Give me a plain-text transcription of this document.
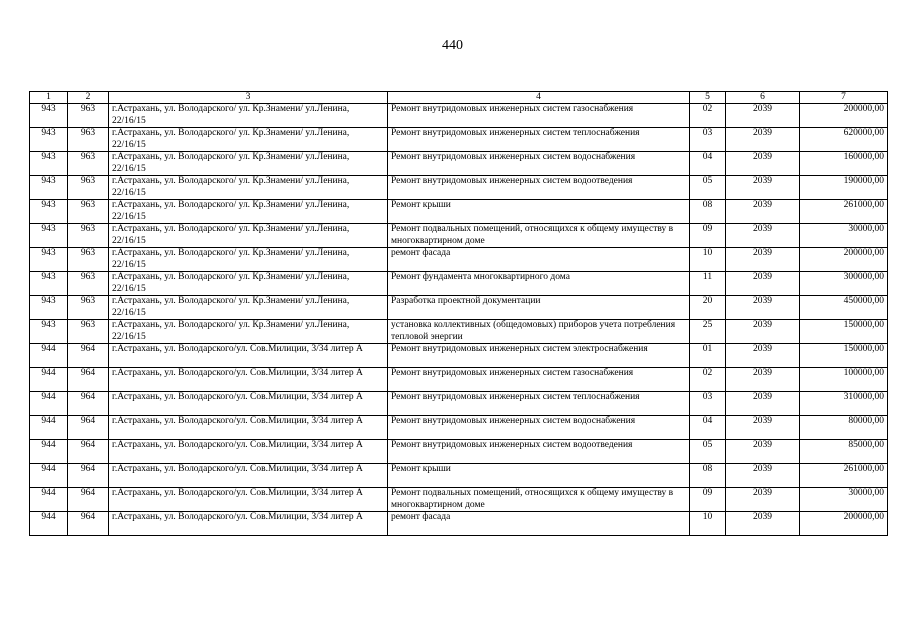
440
1	2	3	4	5	6	7
943	963	г.Астрахань, ул. Володарского/ ул. Кр.Знамени/ ул.Ленина, 22/16/15	Ремонт внутридомовых инженерных систем газоснабжения	02	2039	200000,00
943	963	г.Астрахань, ул. Володарского/ ул. Кр.Знамени/ ул.Ленина, 22/16/15	Ремонт внутридомовых инженерных систем теплоснабжения	03	2039	620000,00
943	963	г.Астрахань, ул. Володарского/ ул. Кр.Знамени/ ул.Ленина, 22/16/15	Ремонт внутридомовых инженерных систем водоснабжения	04	2039	160000,00
943	963	г.Астрахань, ул. Володарского/ ул. Кр.Знамени/ ул.Ленина, 22/16/15	Ремонт внутридомовых инженерных систем водоотведения	05	2039	190000,00
943	963	г.Астрахань, ул. Володарского/ ул. Кр.Знамени/ ул.Ленина, 22/16/15	Ремонт крыши	08	2039	261000,00
943	963	г.Астрахань, ул. Володарского/ ул. Кр.Знамени/ ул.Ленина, 22/16/15	Ремонт подвальных помещений, относящихся к общему имуществу в многоквартирном доме	09	2039	30000,00
943	963	г.Астрахань, ул. Володарского/ ул. Кр.Знамени/ ул.Ленина, 22/16/15	ремонт фасада	10	2039	200000,00
943	963	г.Астрахань, ул. Володарского/ ул. Кр.Знамени/ ул.Ленина, 22/16/15	Ремонт фундамента многоквартирного дома	11	2039	300000,00
943	963	г.Астрахань, ул. Володарского/ ул. Кр.Знамени/ ул.Ленина, 22/16/15	Разработка проектной документации	20	2039	450000,00
943	963	г.Астрахань, ул. Володарского/ ул. Кр.Знамени/ ул.Ленина, 22/16/15	установка коллективных (общедомовых) приборов учета потребления тепловой энергии	25	2039	150000,00
944	964	г.Астрахань, ул. Володарского/ул. Сов.Милиции, 3/34 литер А	Ремонт внутридомовых инженерных систем электроснабжения	01	2039	150000,00
944	964	г.Астрахань, ул. Володарского/ул. Сов.Милиции, 3/34 литер А	Ремонт внутридомовых инженерных систем газоснабжения	02	2039	100000,00
944	964	г.Астрахань, ул. Володарского/ул. Сов.Милиции, 3/34 литер А	Ремонт внутридомовых инженерных систем теплоснабжения	03	2039	310000,00
944	964	г.Астрахань, ул. Володарского/ул. Сов.Милиции, 3/34 литер А	Ремонт внутридомовых инженерных систем водоснабжения	04	2039	80000,00
944	964	г.Астрахань, ул. Володарского/ул. Сов.Милиции, 3/34 литер А	Ремонт внутридомовых инженерных систем водоотведения	05	2039	85000,00
944	964	г.Астрахань, ул. Володарского/ул. Сов.Милиции, 3/34 литер А	Ремонт крыши	08	2039	261000,00
944	964	г.Астрахань, ул. Володарского/ул. Сов.Милиции, 3/34 литер А	Ремонт подвальных помещений, относящихся к общему имуществу в многоквартирном доме	09	2039	30000,00
944	964	г.Астрахань, ул. Володарского/ул. Сов.Милиции, 3/34 литер А	ремонт фасада	10	2039	200000,00
